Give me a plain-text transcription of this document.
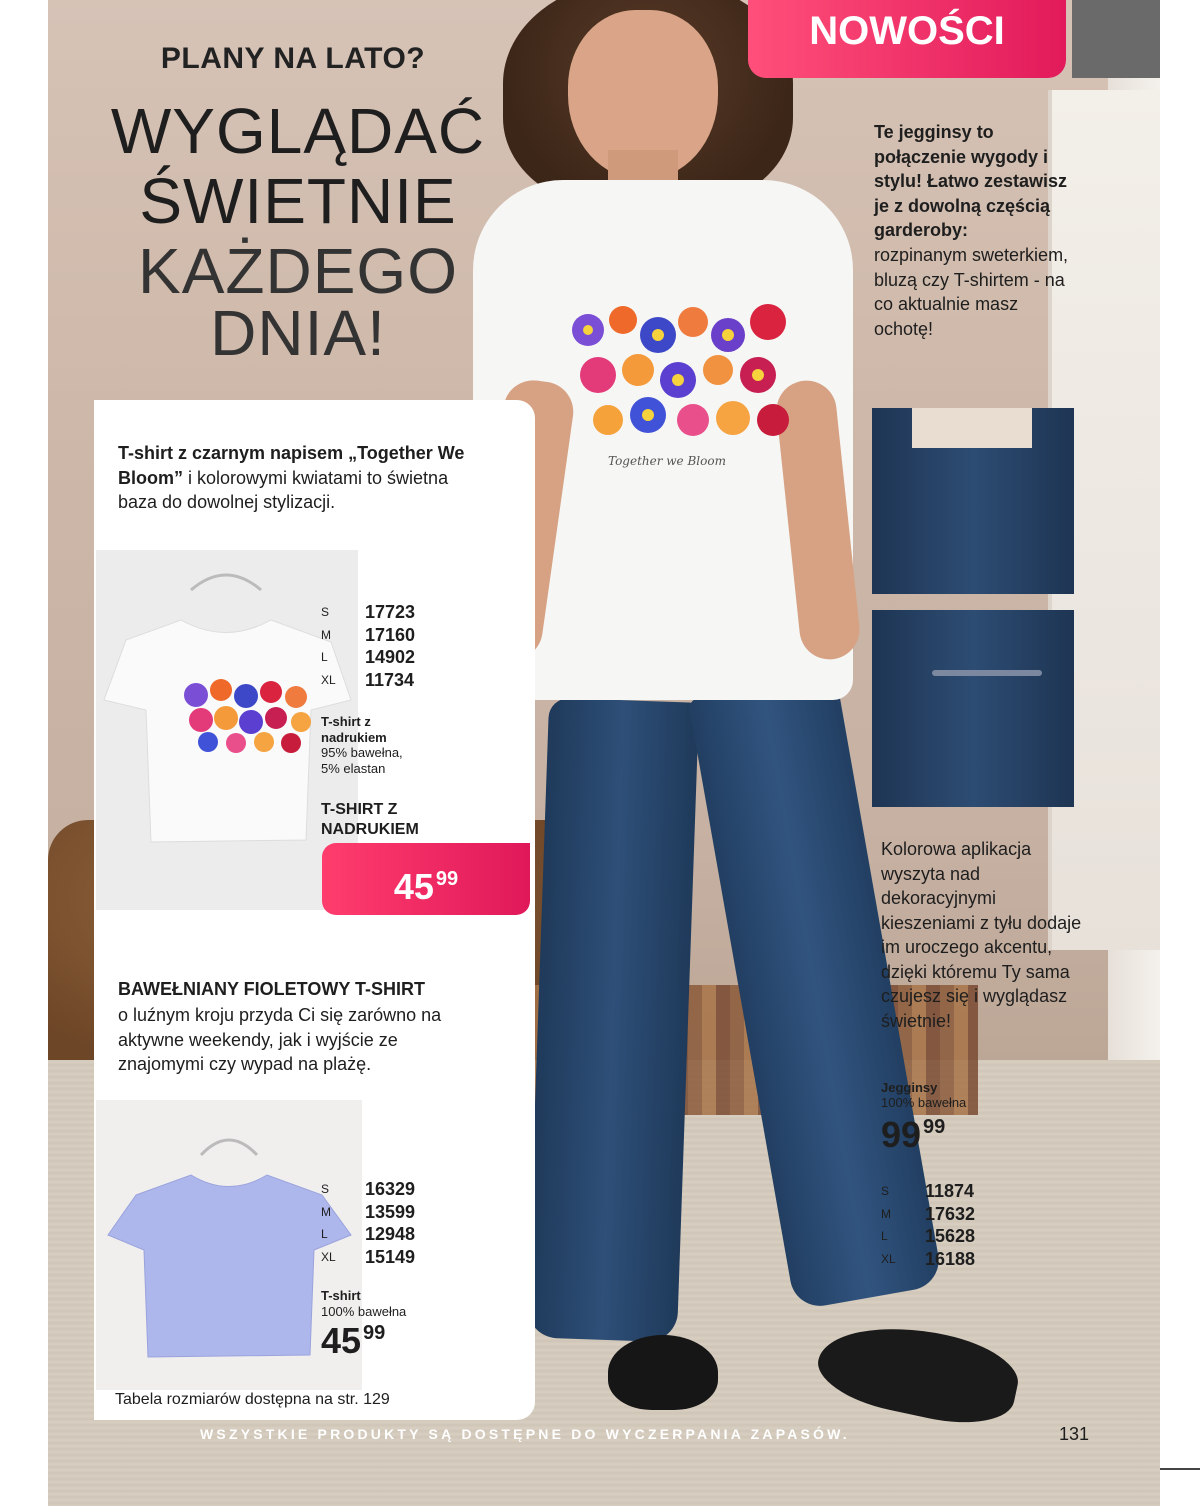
Together we Bloom
PLANY NA LATO?
WYGLĄDAĆ
ŚWIETNIE
KAŻDEGO
DNIA!
NOWOŚCI
Te jegginsy to połączenie wygody i stylu! Łatwo zestawisz je z dowolną częścią garderoby:
rozpinanym sweterkiem, bluzą czy T-shirtem - na co aktualnie masz ochotę!
Kolorowa aplikacja wyszyta nad dekoracyjnymi kieszeniami z tyłu dodaje im uroczego akcentu, dzięki któremu Ty sama czujesz się i wyglądasz świetnie!
Jegginsy
100% bawełna
99 $^{99}$
S	11874
M	17632
L	15628
XL	16188
T-shirt z czarnym napisem „Together We Bloom” i kolorowymi kwiatami to świetna baza do dowolnej stylizacji.
S	17723
M	17160
L	14902
XL	11734
T-shirt z nadrukiem
95% bawełna, 5% elastan
T-SHIRT Z NADRUKIEM
45 $^{99}$
BAWEŁNIANY FIOLETOWY T-SHIRT
o luźnym kroju przyda Ci się zarówno na aktywne weekendy, jak i wyjście ze znajomymi czy wypad na plażę.
S	16329
M	13599
L	12948
XL	15149
T-shirt
100% bawełna
45 $^{99}$
Tabela rozmiarów dostępna na str. 129
WSZYSTKIE PRODUKTY SĄ DOSTĘPNE DO WYCZERPANIA ZAPASÓW.	131
